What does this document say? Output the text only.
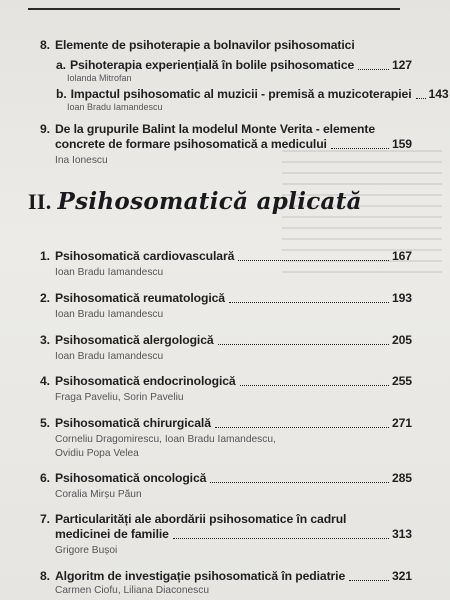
8. Elemente de psihoterapie a bolnavilor psihosomatici
a. Psihoterapia experiențială în bolile psihosomatice	127
Iolanda Mitrofan
b. Impactul psihosomatic al muzicii - premisă a muzicoterapiei 143
Ioan Bradu Iamandescu
9. De la grupurile Balint la modelul Monte Verita - elemente
concrete de formare psihosomatică a medicului	159
Ina Ionescu
II. Psihosomatică aplicată
1. Psihosomatică cardiovasculară	167
Ioan Bradu Iamandescu
2. Psihosomatică reumatologică	193
Ioan Bradu Iamandescu
3. Psihosomatică alergologică	205
Ioan Bradu Iamandescu
4. Psihosomatică endocrinologică	255
Fraga Paveliu, Sorin Paveliu
5. Psihosomatică chirurgicală	271
Corneliu Dragomirescu, Ioan Bradu Iamandescu,
Ovidiu Popa Velea
6. Psihosomatică oncologică	285
Coralia Mirșu Păun
7. Particularități ale abordării psihosomatice în cadrul
medicinei de familie	313
Grigore Bușoi
8. Algoritm de investigație psihosomatică în pediatrie	321
Carmen Ciofu, Liliana Diaconescu
